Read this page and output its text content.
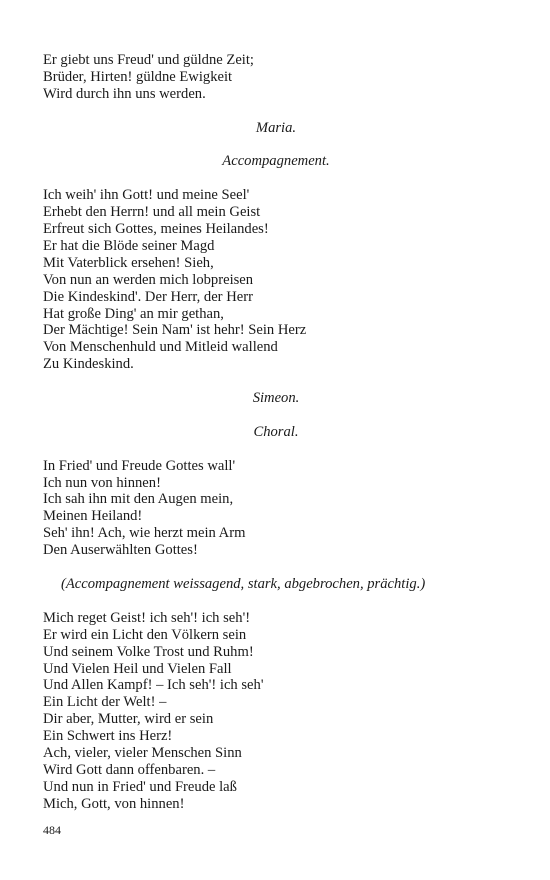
Er giebt uns Freud' und güldne Zeit;
Brüder, Hirten! güldne Ewigkeit
Wird durch ihn uns werden.

Maria.

Accompagnement.

Ich weih' ihn Gott! und meine Seel'
Erhebt den Herrn! und all mein Geist
Erfreut sich Gottes, meines Heilandes!
Er hat die Blöde seiner Magd
Mit Vaterblick ersehen! Sieh,
Von nun an werden mich lobpreisen
Die Kindeskind'. Der Herr, der Herr
Hat große Ding' an mir gethan,
Der Mächtige! Sein Nam' ist hehr! Sein Herz
Von Menschenhuld und Mitleid wallend
Zu Kindeskind.

Simeon.

Choral.

In Fried' und Freude Gottes wall'
Ich nun von hinnen!
Ich sah ihn mit den Augen mein,
Meinen Heiland!
Seh' ihn! Ach, wie herzt mein Arm
Den Auserwählten Gottes!
(Accompagnement weissagend, stark, abgebrochen, prächtig.)
Mich reget Geist! ich seh'! ich seh'!
Er wird ein Licht den Völkern sein
Und seinem Volke Trost und Ruhm!
Und Vielen Heil und Vielen Fall
Und Allen Kampf! – Ich seh'! ich seh'
Ein Licht der Welt! –
Dir aber, Mutter, wird er sein
Ein Schwert ins Herz!
Ach, vieler, vieler Menschen Sinn
Wird Gott dann offenbaren. –
Und nun in Fried' und Freude laß
Mich, Gott, von hinnen!
484
